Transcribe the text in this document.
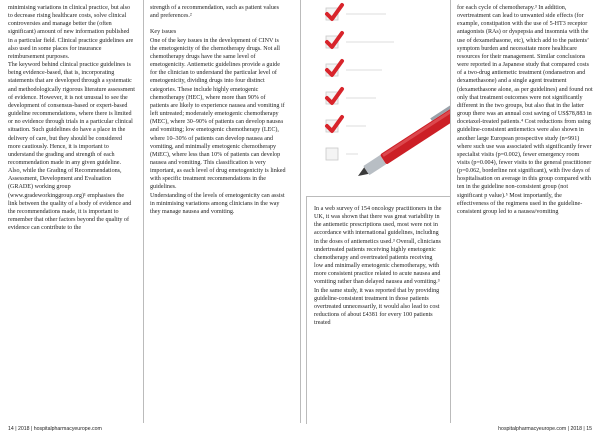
minimising variations in clinical practice, but also to decrease rising healthcare costs, solve clinical controversies and manage better the (often significant) amount of new information published in a particular field. Clinical practice guidelines are also used in some places for insurance reimbursement purposes.
The keyword behind clinical practice guidelines is being evidence-based, that is, incorporating statements that are developed through a systematic and methodologically rigorous literature assessment of evidence. However, it is not unusual to see the development of consensus-based or expert-based guideline recommendations, where there is limited or no evidence through trials in a particular clinical situation. Such guidelines do have a place in the delivery of care, but they should be considered more cautiously. Hence, it is important to understand the grading and strength of each recommendation made in any given guideline. Also, while the Grading of Recommendations, Assessment, Development and Evaluation (GRADE) working group (www.gradeworkinggroup.org)¹ emphasises the link between the quality of a body of evidence and the recommendations made, it is important to remember that other factors beyond the quality of evidence can contribute to the
strength of a recommendation, such as patient values and preferences.²

Key issues
One of the key issues in the development of CINV is the emetogenicity of the chemotherapy drugs. Not all chemotherapy drugs have the same level of emetogenicity. Antiemetic guidelines provide a guide for the clinician to understand the particular level of emetogenicity, dividing drugs into four distinct categories. These include highly emetogenic chemotherapy (HEC), where more than 90% of patients are likely to experience nausea and vomiting if left untreated; moderately emetogenic chemotherapy (MEC), where 30–90% of patients can develop nausea and vomiting; low emetogenic chemotherapy (LEC), where 10–30% of patients can develop nausea and vomiting, and minimally emetogenic chemotherapy (MiEC), where less than 10% of patients can develop nausea and vomiting. This classification is very important, as each level of drug emetogenicity is linked with specific treatment recommendations in the guidelines.
Understanding of the levels of emetogenicity can assist in minimising variations among clinicians in the way they manage nausea and vomiting.	In a web survey of 154 oncology practitioners in the UK, it was shown that there was great variability in the antiemetic prescriptions used, most were not in accordance with international guidelines, including in the doses of antiemetics used.³ Overall, clinicians undertreated patients receiving highly emetogenic chemotherapy and overtreated patients receiving low and minimally emetogenic chemotherapy, with more consistent practice related to acute nausea and vomiting rather than delayed nausea and vomiting.³ In the same study, it was reported that by providing guideline-consistent treatment in those patients overtreated unnecessarily, it would also lead to cost reductions of about £4381 for every 100 patients treated
for each cycle of chemotherapy.³ In addition, overtreatment can lead to unwanted side effects (for example, constipation with the use of 5-HT3 receptor antagonists (RAs) or dyspepsia and insomnia with the use of dexamethasone, etc), which add to the patients’ symptom burden and necessitate more healthcare resources for their management. Similar conclusions were reported in a Japanese study that compared costs of a two-drug antiemetic treatment (ondansetron and dexamethasone) and a single agent treatment (dexamethasone alone, as per guidelines) and found not only that treatment outcomes were not significantly different in the two groups, but also that in the latter group there was an annual cost saving of US$78,883 in docetaxel-treated patients.⁴ Cost reductions from using guideline-consistent antiemetics were also shown in another large European prospective study (n=991) where such use was associated with significantly fewer specialist visits (p=0.002), fewer emergency room visits (p=0.004), fewer visits to the general practitioner (p=0.062, borderline not significant), with five days of hospitalisation on average in this group compared with ten in the guideline non-consistent group (not significant p value).⁵ Most importantly, the effectiveness of the regimens used in the guideline-consistent group led to a nausea/vomiting
14 | 2018 | hospitalpharmacyeurope.com	hospitalpharmacyeurope.com | 2018 | 15
